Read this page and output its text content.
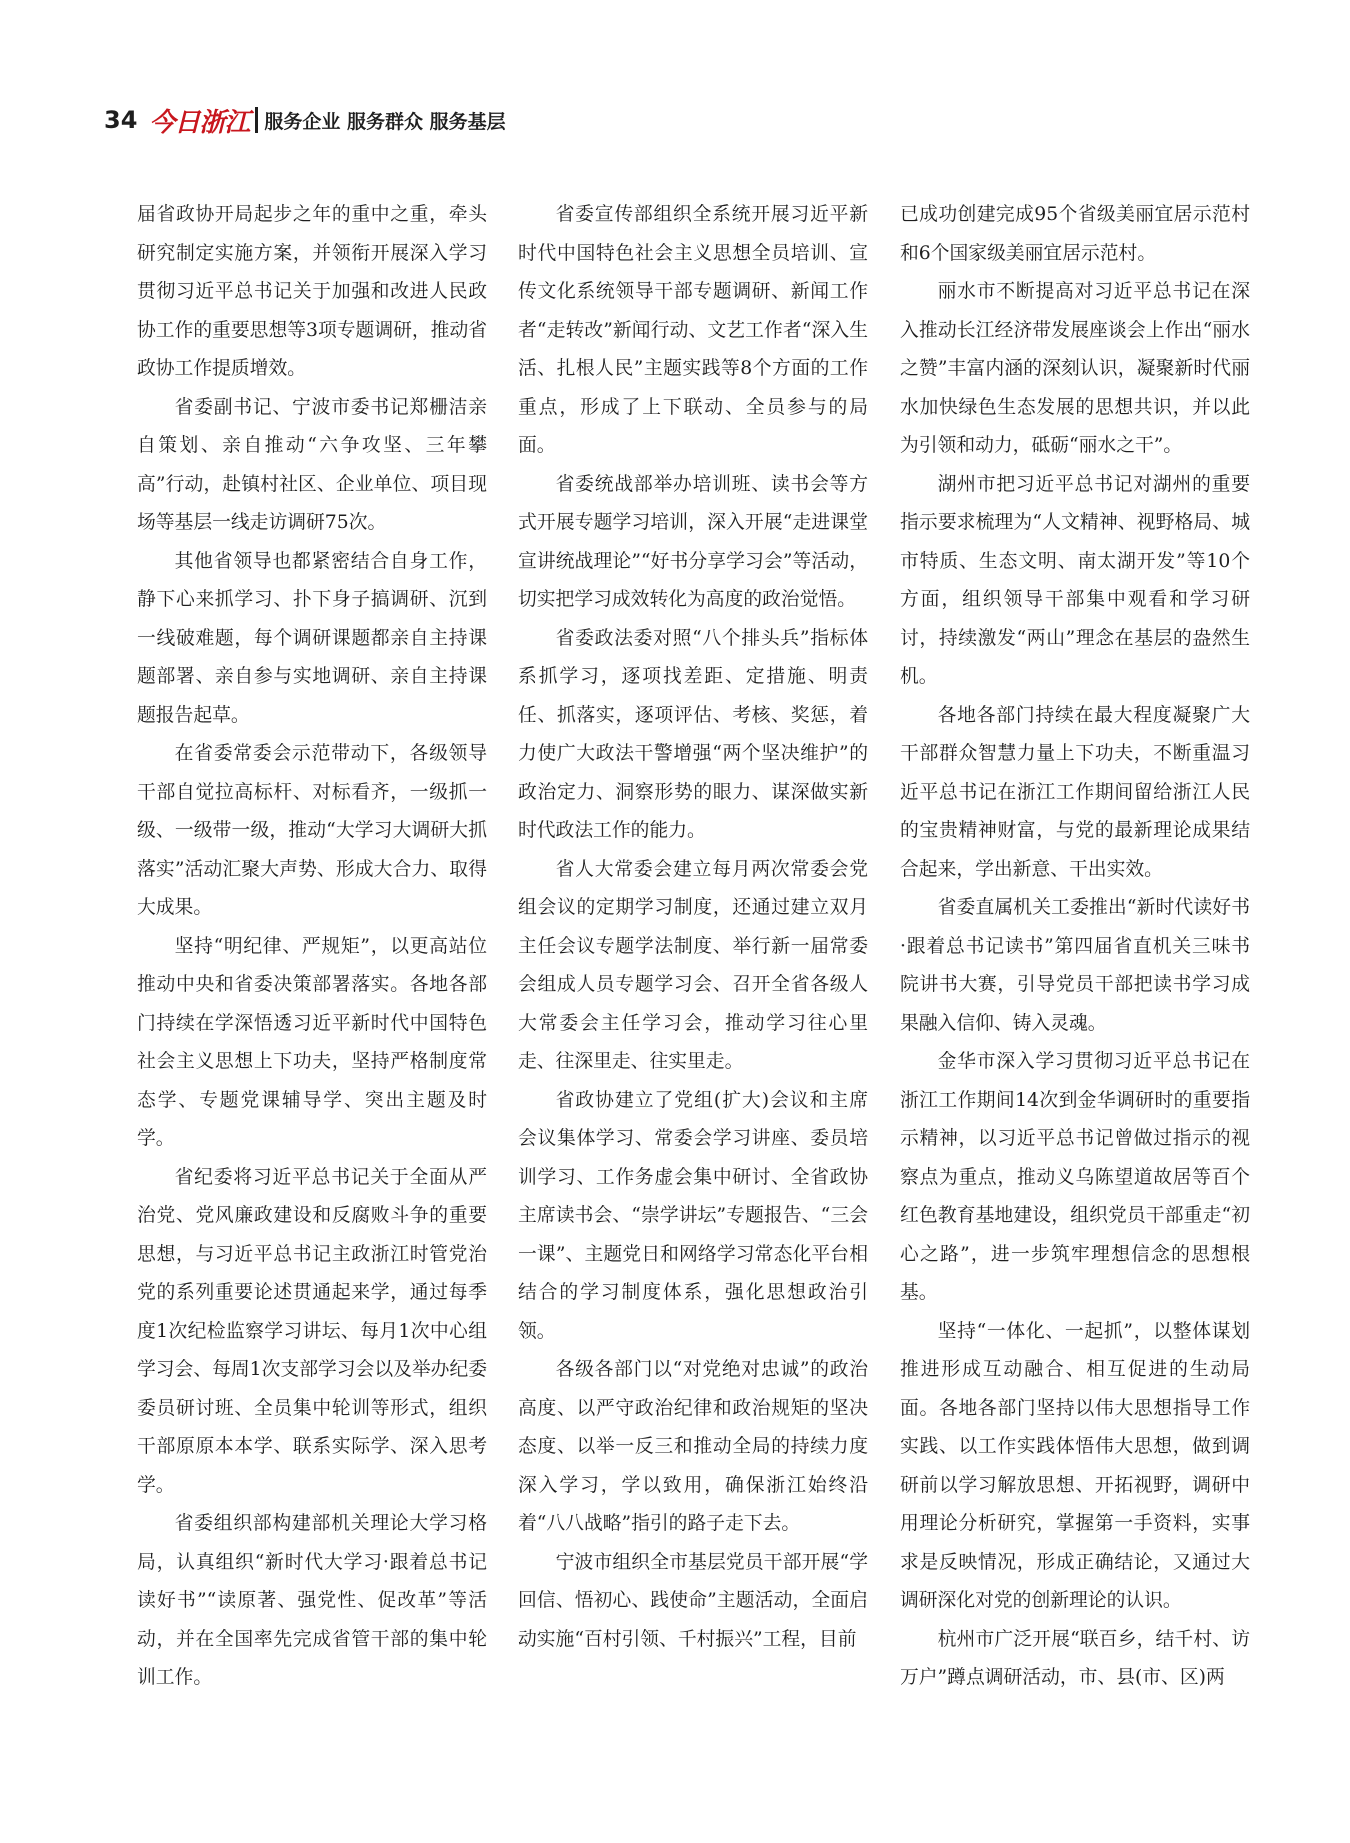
34 今日浙江 服务企业 服务群众 服务基层

届省政协开局起步之年的重中之重，牵头研究制定实施方案，并领衔开展深入学习贯彻习近平总书记关于加强和改进人民政协工作的重要思想等3项专题调研，推动省政协工作提质增效。

省委副书记、宁波市委书记郑栅洁亲自策划、亲自推动“六争攻坚、三年攀高”行动，赴镇村社区、企业单位、项目现场等基层一线走访调研75次。

其他省领导也都紧密结合自身工作，静下心来抓学习、扑下身子搞调研、沉到一线破难题，每个调研课题都亲自主持课题部署、亲自参与实地调研、亲自主持课题报告起草。

在省委常委会示范带动下，各级领导干部自觉拉高标杆、对标看齐，一级抓一级、一级带一级，推动“大学习大调研大抓落实”活动汇聚大声势、形成大合力、取得大成果。

坚持“明纪律、严规矩”，以更高站位推动中央和省委决策部署落实。各地各部门持续在学深悟透习近平新时代中国特色社会主义思想上下功夫，坚持严格制度常态学、专题党课辅导学、突出主题及时学。

省纪委将习近平总书记关于全面从严治党、党风廉政建设和反腐败斗争的重要思想，与习近平总书记主政浙江时管党治党的系列重要论述贯通起来学，通过每季度1次纪检监察学习讲坛、每月1次中心组学习会、每周1次支部学习会以及举办纪委委员研讨班、全员集中轮训等形式，组织干部原原本本学、联系实际学、深入思考学。

省委组织部构建部机关理论大学习格局，认真组织“新时代大学习·跟着总书记读好书”“读原著、强党性、促改革”等活动，并在全国率先完成省管干部的集中轮训工作。

省委宣传部组织全系统开展习近平新时代中国特色社会主义思想全员培训、宣传文化系统领导干部专题调研、新闻工作者“走转改”新闻行动、文艺工作者“深入生活、扎根人民”主题实践等8个方面的工作重点，形成了上下联动、全员参与的局面。

省委统战部举办培训班、读书会等方式开展专题学习培训，深入开展“走进课堂宣讲统战理论”“好书分享学习会”等活动，切实把学习成效转化为高度的政治觉悟。

省委政法委对照“八个排头兵”指标体系抓学习，逐项找差距、定措施、明责任、抓落实，逐项评估、考核、奖惩，着力使广大政法干警增强“两个坚决维护”的政治定力、洞察形势的眼力、谋深做实新时代政法工作的能力。

省人大常委会建立每月两次常委会党组会议的定期学习制度，还通过建立双月主任会议专题学法制度、举行新一届常委会组成人员专题学习会、召开全省各级人大常委会主任学习会，推动学习往心里走、往深里走、往实里走。

省政协建立了党组(扩大)会议和主席会议集体学习、常委会学习讲座、委员培训学习、工作务虚会集中研讨、全省政协主席读书会、“崇学讲坛”专题报告、“三会一课”、主题党日和网络学习常态化平台相结合的学习制度体系，强化思想政治引领。

各级各部门以“对党绝对忠诚”的政治高度、以严守政治纪律和政治规矩的坚决态度、以举一反三和推动全局的持续力度深入学习，学以致用，确保浙江始终沿着“八八战略”指引的路子走下去。

宁波市组织全市基层党员干部开展“学回信、悟初心、践使命”主题活动，全面启动实施“百村引领、千村振兴”工程，目前

已成功创建完成95个省级美丽宜居示范村和6个国家级美丽宜居示范村。

丽水市不断提高对习近平总书记在深入推动长江经济带发展座谈会上作出“丽水之赞”丰富内涵的深刻认识，凝聚新时代丽水加快绿色生态发展的思想共识，并以此为引领和动力，砥砺“丽水之干”。

湖州市把习近平总书记对湖州的重要指示要求梳理为“人文精神、视野格局、城市特质、生态文明、南太湖开发”等10个方面，组织领导干部集中观看和学习研讨，持续激发“两山”理念在基层的盎然生机。

各地各部门持续在最大程度凝聚广大干部群众智慧力量上下功夫，不断重温习近平总书记在浙江工作期间留给浙江人民的宝贵精神财富，与党的最新理论成果结合起来，学出新意、干出实效。

省委直属机关工委推出“新时代读好书·跟着总书记读书”第四届省直机关三味书院讲书大赛，引导党员干部把读书学习成果融入信仰、铸入灵魂。

金华市深入学习贯彻习近平总书记在浙江工作期间14次到金华调研时的重要指示精神，以习近平总书记曾做过指示的视察点为重点，推动义乌陈望道故居等百个红色教育基地建设，组织党员干部重走“初心之路”，进一步筑牢理想信念的思想根基。

坚持“一体化、一起抓”，以整体谋划推进形成互动融合、相互促进的生动局面。各地各部门坚持以伟大思想指导工作实践、以工作实践体悟伟大思想，做到调研前以学习解放思想、开拓视野，调研中用理论分析研究，掌握第一手资料，实事求是反映情况，形成正确结论，又通过大调研深化对党的创新理论的认识。

杭州市广泛开展“联百乡，结千村、访万户”蹲点调研活动，市、县(市、区)两
